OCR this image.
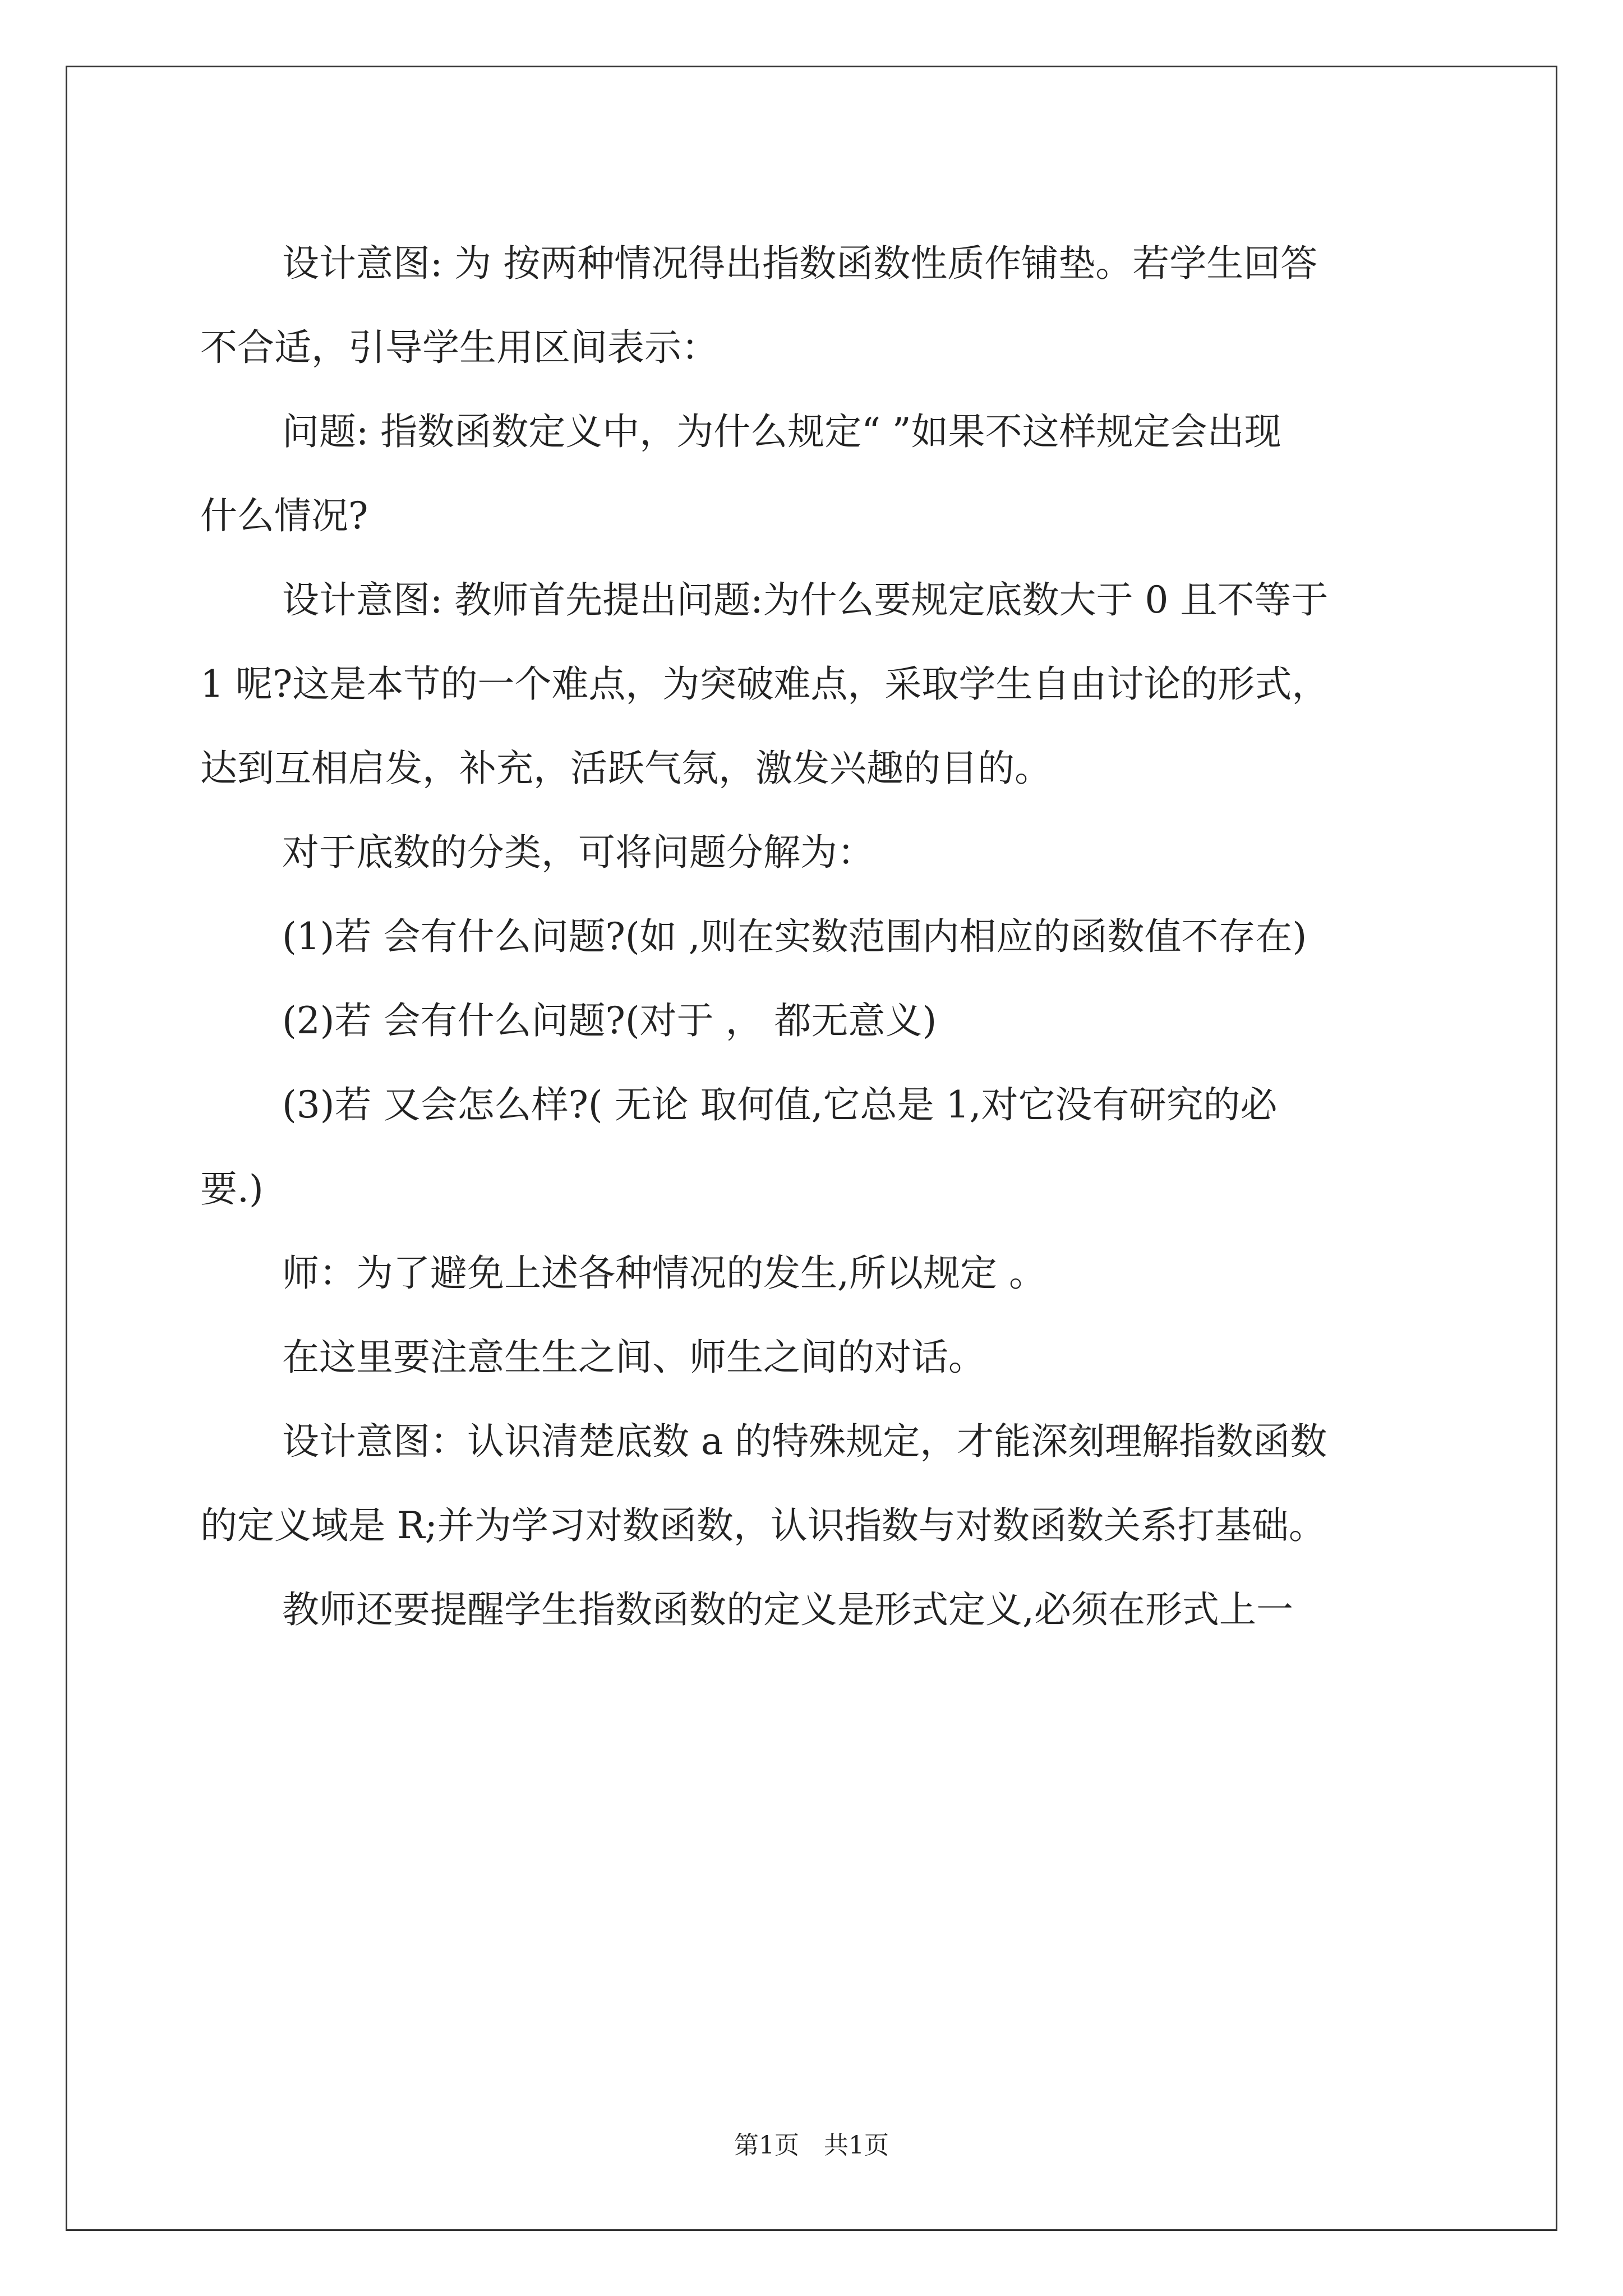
设计意图: 为 按两种情况得出指数函数性质作铺垫。若学生回答

不合适，引导学生用区间表示：

问题: 指数函数定义中，为什么规定“ ”如果不这样规定会出现

什么情况?

设计意图: 教师首先提出问题:为什么要规定底数大于 0 且不等于

1 呢?这是本节的一个难点，为突破难点，采取学生自由讨论的形式，

达到互相启发，补充，活跃气氛，激发兴趣的目的。

对于底数的分类，可将问题分解为：

(1)若 会有什么问题?(如 ,则在实数范围内相应的函数值不存在)

(2)若 会有什么问题?(对于 ， 都无意义)

(3)若 又会怎么样?( 无论 取何值,它总是 1,对它没有研究的必

要.)

师：为了避免上述各种情况的发生,所以规定 。

在这里要注意生生之间、师生之间的对话。

设计意图：认识清楚底数 a 的特殊规定，才能深刻理解指数函数

的定义域是 R;并为学习对数函数，认识指数与对数函数关系打基础。

教师还要提醒学生指数函数的定义是形式定义,必须在形式上一

第1页　共1页
